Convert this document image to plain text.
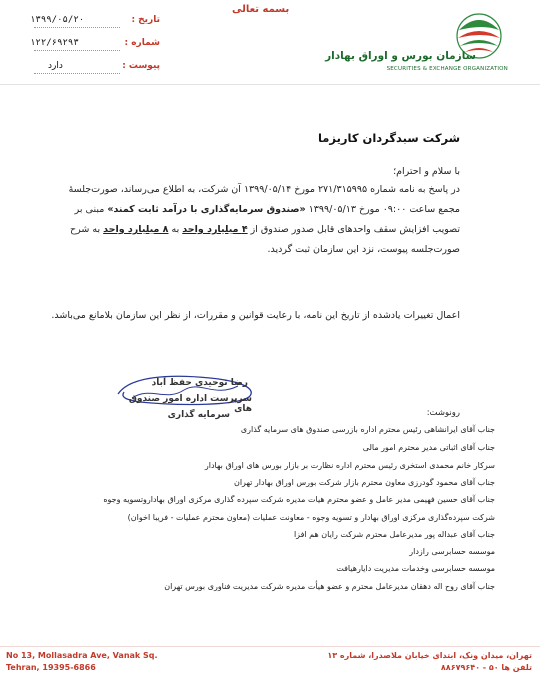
سازمان بورس و اوراق بهادار
SECURITIES & EXCHANGE ORGANIZATION
بسمه تعالی
تاریخ :
۱۳۹۹/۰۵/۲۰
شماره :
۱۲۲/۶۹۲۹۳
پیوست :
دارد
شرکت سبدگردان کاریزما
با سلام و احترام؛
در پاسخ به نامه شماره ۲۷۱/۳۱۵۹۹۵ مورخ ۱۳۹۹/۰۵/۱۴ آن شرکت، به اطلاع می‌رساند، صورت‌جلسهٔ
مجمع ساعت ۰۹:۰۰ مورخ ۱۳۹۹/۰۵/۱۳ «صندوق سرمایه‌گذاری با درآمد ثابت کمند» مبنی بر
تصویب افزایش سقف واحدهای قابل صدور صندوق از ۴ میلیارد واحد به ۸ میلیارد واحد به شرح
صورت‌جلسه پیوست، نزد این سازمان ثبت گردید.
اعمال تغییرات یادشده از تاریخ این نامه، با رعایت قوانین و مقررات، از نظر این سازمان بلامانع می‌باشد.
رضا توحیدی حفظ آباد
سرپرست اداره امور صندوق های
سرمایه گذاری	رونوشت:
جناب آقای ایرانشاهی رئیس محترم اداره بازرسی صندوق های سرمایه گذاری
جناب آقای اثباتی مدیر محترم امور مالی
سرکار خانم محمدی استخری رئیس محترم اداره نظارت بر بازار بورس های اوراق بهادار
جناب آقای محمود گودرزی معاون محترم بازار شرکت بورس اوراق بهادار تهران
جناب آقای حسین فهیمی مدیر عامل و عضو محترم هیات مدیره شرکت سپرده گذاری مرکزی اوراق بهاداروتسویه وجوه
شرکت سپرده‌گذاری مرکزی اوراق بهادار و تسویه وجوه - معاونت عملیات (معاون محترم عملیات - فریبا اخوان)
جناب آقای عبداله پور مدیرعامل محترم شرکت رایان هم افزا
موسسه حسابرسی رازدار
موسسه حسابرسی وخدمات مدیریت دایارهیافت
جناب آقای روح اله دهقان مدیرعامل محترم و عضو هیأت مدیره شرکت مدیریت فناوری بورس تهران
No 13, Mollasadra Ave, Vanak Sq.
Tehran, 19395-6866
تهران، میدان ونک، ابتدای خیابان ملاصدرا، شماره ۱۳
تلفن ها ۵۰ - ۸۸۶۷۹۶۴۰
